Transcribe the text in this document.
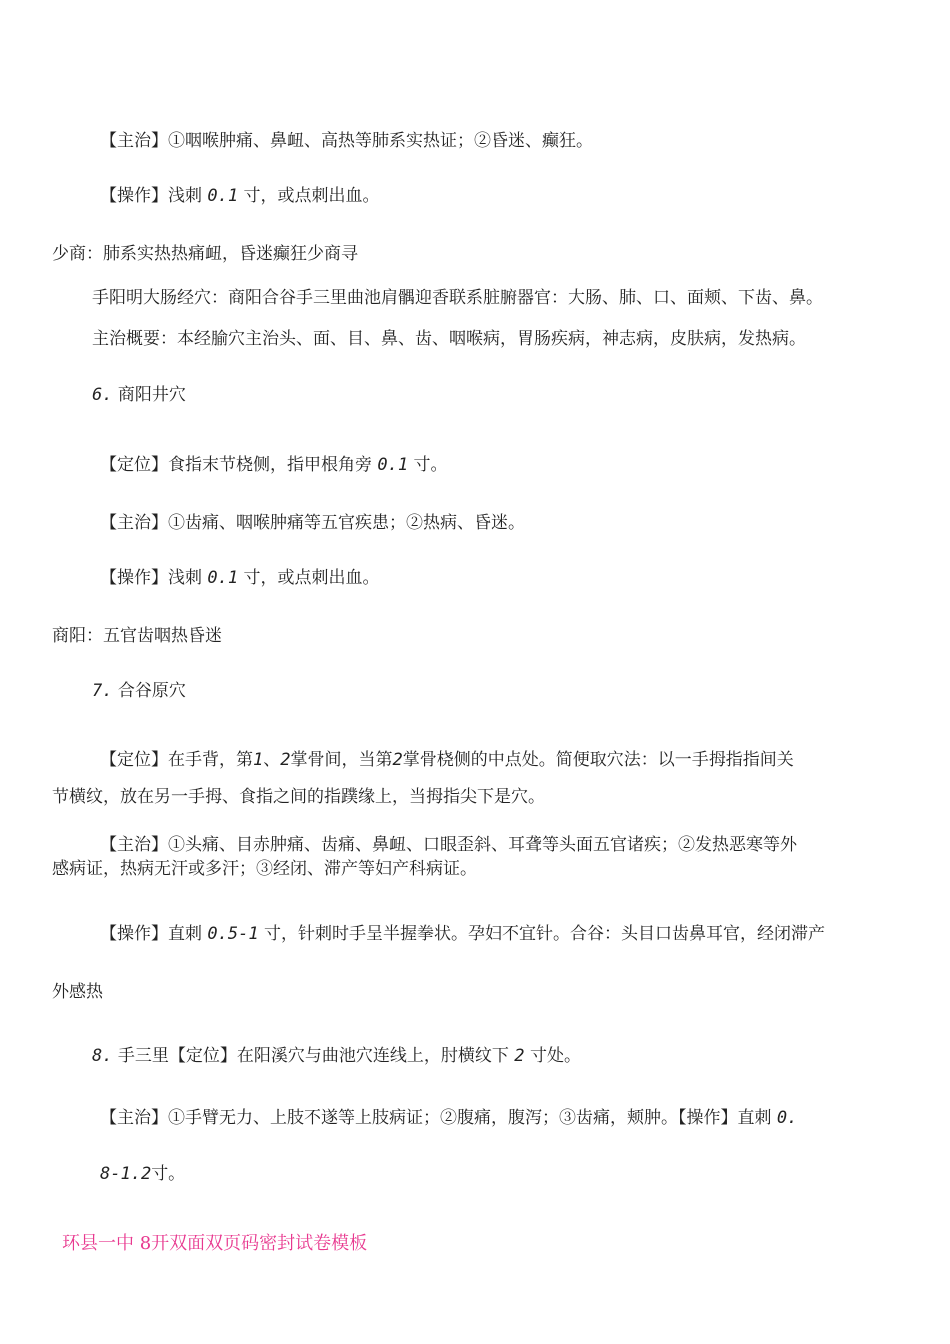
【主治】①咽喉肿痛、鼻衄、高热等肺系实热证；②昏迷、癫狂。
【操作】浅刺 0.1 寸，或点刺出血。
少商：肺系实热热痛衄，昏迷癫狂少商寻
手阳明大肠经穴：商阳合谷手三里曲池肩髃迎香联系脏腑器官：大肠、肺、口、面颊、下齿、鼻。
主治概要：本经腧穴主治头、面、目、鼻、齿、咽喉病，胃肠疾病，神志病，皮肤病，发热病。
6. 商阳井穴
【定位】食指末节桡侧，指甲根角旁 0.1 寸。
【主治】①齿痛、咽喉肿痛等五官疾患；②热病、昏迷。
【操作】浅刺 0.1 寸，或点刺出血。
商阳：五官齿咽热昏迷
7. 合谷原穴
【定位】在手背，第1、2掌骨间，当第2掌骨桡侧的中点处。简便取穴法：以一手拇指指间关
节横纹，放在另一手拇、食指之间的指蹼缘上，当拇指尖下是穴。
【主治】①头痛、目赤肿痛、齿痛、鼻衄、口眼歪斜、耳聋等头面五官诸疾；②发热恶寒等外
感病证，热病无汗或多汗；③经闭、滞产等妇产科病证。
【操作】直刺 0.5-1 寸，针刺时手呈半握拳状。孕妇不宜针。合谷：头目口齿鼻耳官，经闭滞产
外感热
8. 手三里【定位】在阳溪穴与曲池穴连线上，肘横纹下 2 寸处。
【主治】①手臂无力、上肢不遂等上肢病证；②腹痛，腹泻；③齿痛，颊肿。【操作】直刺 0.
8-1.2寸。
环县一中 8开双面双页码密封试卷模板
